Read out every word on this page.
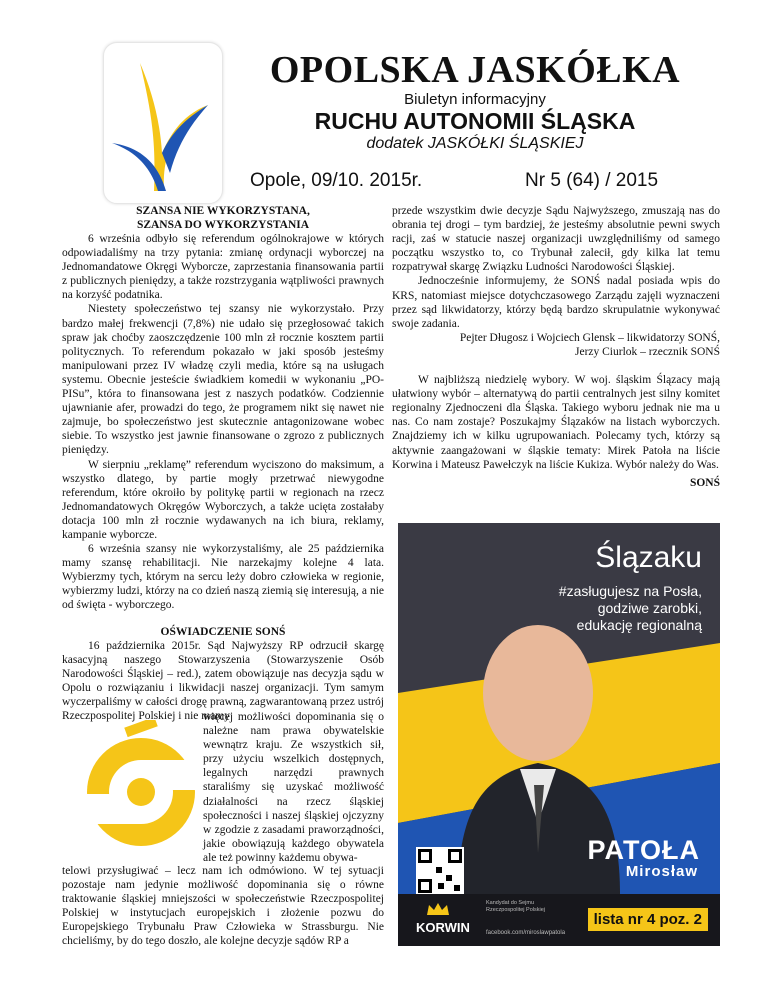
OPOLSKA JASKÓŁKA
Biuletyn informacyjny
RUCHU AUTONOMII ŚLĄSKA
dodatek JASKÓŁKI ŚLĄSKIEJ
Opole, 09/10. 2015r.	Nr 5 (64) / 2015
SZANSA NIE WYKORZYSTANA,
SZANSA DO WYKORZYSTANIA

6 września odbyło się referendum ogólnokrajowe w których odpowiadaliśmy na trzy pytania: zmianę ordynacji wyborczej na Jednomandatowe Okręgi Wyborcze, zaprzestania finansowania partii z publicznych pieniędzy, a także rozstrzygania wątpliwości prawnych na korzyść podatnika.

Niestety społeczeństwo tej szansy nie wykorzystało. Przy bardzo małej frekwencji (7,8%) nie udało się przegłosować takich spraw jak choćby zaoszczędzenie 100 mln zł rocznie kosztem partii politycznych. To referendum pokazało w jaki sposób jesteśmy manipulowani przez IV władzę czyli media, które są na usługach systemu. Obecnie jesteście świadkiem komedii w wykonaniu „PO-PISu”, która to finansowana jest z naszych podatków. Codziennie ujawnianie afer, prowadzi do tego, że programem nikt się nawet nie zajmuje, bo społeczeństwo jest skutecznie antagonizowane wobec siebie. To wszystko jest jawnie finansowane o zgrozo z publicznych pieniędzy.

W sierpniu „reklamę” referendum wyciszono do maksimum, a wszystko dlatego, by partie mogły przetrwać niewygodne referendum, które okroiło by politykę partii w regionach na rzecz Jednomandatowych Okręgów Wyborczych, a także ucięta zostałaby dotacja 100 mln zł rocznie wydawanych na ich biura, reklamy, kampanie wyborcze.

6 września szansy nie wykorzystaliśmy, ale 25 października mamy szansę rehabilitacji. Nie narzekajmy kolejne 4 lata. Wybierzmy tych, którym na sercu leży dobro człowieka w regionie, wybierzmy ludzi, którzy na co dzień naszą ziemią się interesują, a nie od święta - wyborczego.

OŚWIADCZENIE SONŚ

16 października 2015r. Sąd Najwyższy RP odrzucił skargę kasacyjną naszego Stowarzyszenia (Stowarzyszenie Osób Narodowości Śląskiej – red.), zatem obowiązuje nas decyzja sądu w Opolu o rozwiązaniu i likwidacji naszej organizacji. Tym samym wyczerpaliśmy w całości drogę prawną, zagwarantowaną przez ustrój Rzeczpospolitej Polskiej i nie mamy

więcej możliwości dopominania się o należne nam prawa obywatelskie wewnątrz kraju. Ze wszystkich sił, przy użyciu wszelkich dostępnych, legalnych narzędzi prawnych staraliśmy się uzyskać możliwość działalności na rzecz śląskiej społeczności i naszej śląskiej ojczyzny w zgodzie z zasadami praworządności, jakie obowiązują każdego obywatela ale też powinny każdemu obywa-

telowi przysługiwać – lecz nam ich odmówiono. W tej sytuacji pozostaje nam jedynie możliwość dopominania się o równe traktowanie śląskiej mniejszości w społeczeństwie Rzeczpospolitej Polskiej w instytucjach europejskich i złożenie pozwu do Europejskiego Trybunału Praw Człowieka w Strassburgu. Nie chcieliśmy, by do tego doszło, ale kolejne decyzje sądów RP a

przede wszystkim dwie decyzje Sądu Najwyższego, zmuszają nas do obrania tej drogi – tym bardziej, że jesteśmy absolutnie pewni swych racji, zaś w statucie naszej organizacji uwzględniliśmy od samego początku wszystko to, co Trybunał zalecił, gdy kilka lat temu rozpatrywał skargę Związku Ludności Narodowości Śląskiej.

Jednocześnie informujemy, że SONŚ nadal posiada wpis do KRS, natomiast miejsce dotychczasowego Zarządu zajęli wyznaczeni przez sąd likwidatorzy, którzy będą bardzo skrupulatnie wykonywać swoje zadania.

Pejter Długosz i Wojciech Glensk – likwidatorzy SONŚ,
Jerzy Ciurlok – rzecznik SONŚ

W najbliższą niedzielę wybory. W woj. śląskim Ślązacy mają ułatwiony wybór – alternatywą do partii centralnych jest silny komitet regionalny Zjednoczeni dla Śląska. Takiego wyboru jednak nie ma u nas. Co nam zostaje? Poszukajmy Ślązaków na listach wyborczych. Znajdziemy ich w kilku ugrupowaniach. Polecamy tych, którzy są aktywnie zaangażowani w śląskie tematy: Mirek Patoła na liście Korwina i Mateusz Pawełczyk na liście Kukiza. Wybór należy do Was.

SONŚ
Ślązaku
#zasługujesz na Posła,
godziwe zarobki,
edukację regionalną
PATOŁA
Mirosław
KORWIN
Kandydat do Sejmu
Rzeczpospolitej Polskiej
facebook.com/miroslawpatola
lista nr 4 poz. 2
